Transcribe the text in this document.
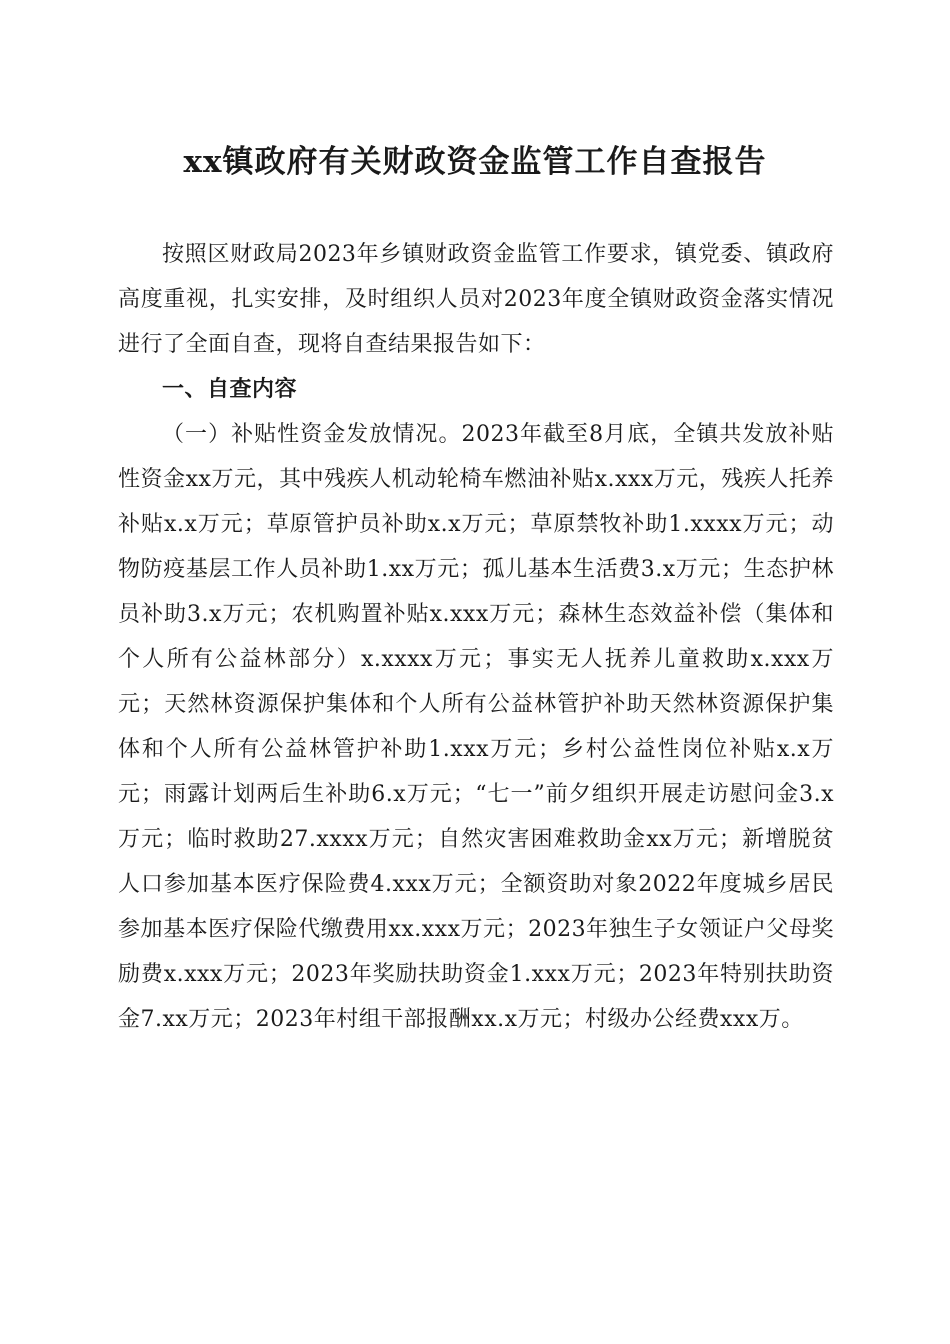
xx镇政府有关财政资金监管工作自查报告

按照区财政局2023年乡镇财政资金监管工作要求，镇党委、镇政府高度重视，扎实安排，及时组织人员对2023年度全镇财政资金落实情况进行了全面自查，现将自查结果报告如下：

一、自查内容

（一）补贴性资金发放情况。2023年截至8月底，全镇共发放补贴性资金xx万元，其中残疾人机动轮椅车燃油补贴x.xxx万元，残疾人托养补贴x.x万元；草原管护员补助x.x万元；草原禁牧补助1.xxxx万元；动物防疫基层工作人员补助1.xx万元；孤儿基本生活费3.x万元；生态护林员补助3.x万元；农机购置补贴x.xxx万元；森林生态效益补偿（集体和个人所有公益林部分）x.xxxx万元；事实无人抚养儿童救助x.xxx万元；天然林资源保护集体和个人所有公益林管护补助天然林资源保护集体和个人所有公益林管护补助1.xxx万元；乡村公益性岗位补贴x.x万元；雨露计划两后生补助6.x万元；“七一”前夕组织开展走访慰问金3.x万元；临时救助27.xxxx万元；自然灾害困难救助金xx万元；新增脱贫人口参加基本医疗保险费4.xxx万元；全额资助对象2022年度城乡居民参加基本医疗保险代缴费用xx.xxx万元；2023年独生子女领证户父母奖励费x.xxx万元；2023年奖励扶助资金1.xxx万元；2023年特别扶助资金7.xx万元；2023年村组干部报酬xx.x万元；村级办公经费xxx万。
